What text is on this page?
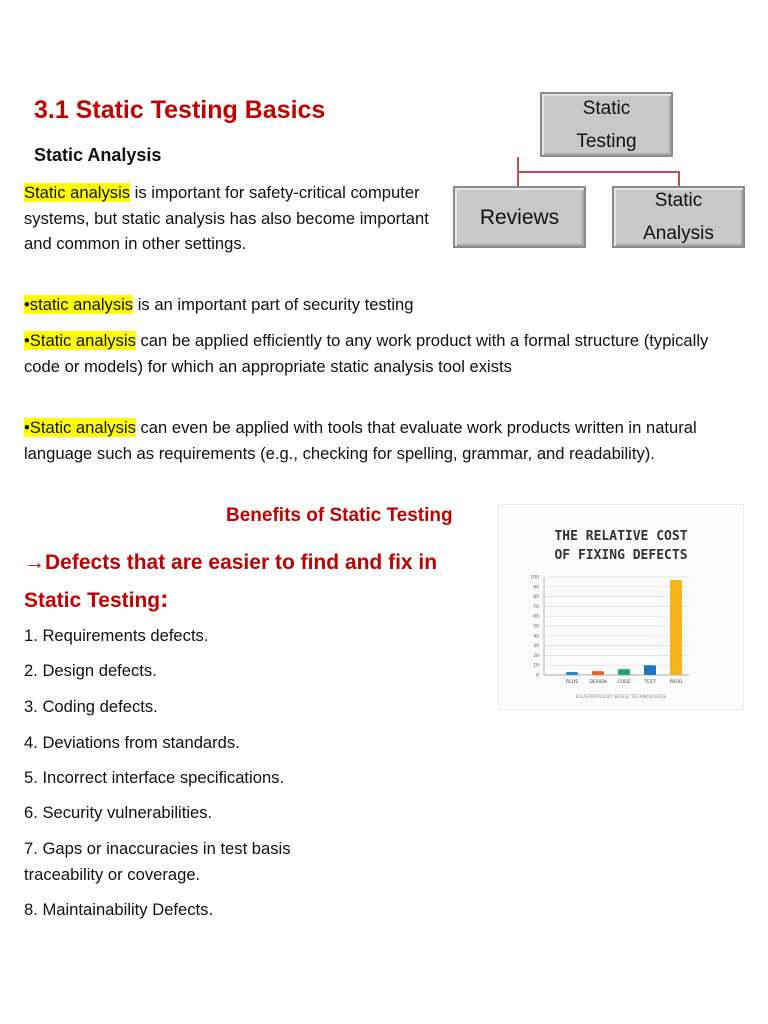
3.1 Static Testing Basics
Static Analysis
Static analysis is important for safety-critical computer systems, but static analysis has also become important and common in other settings.
•static analysis is an important part of security testing
•Static analysis can be applied efficiently to any work product with a formal structure (typically code or models) for which an appropriate static analysis tool exists
•Static analysis can even be applied with tools that evaluate work products written in natural language such as requirements (e.g., checking for spelling, grammar, and readability).
Static
Testing
Reviews
Static
Analysis
Benefits of Static Testing
→Defects that are easier to find and fix in Static Testing:
1. Requirements defects.
2. Design defects.
3. Coding defects.
4. Deviations from standards.
5. Incorrect interface specifications.
6. Security vulnerabilities.
7. Gaps or inaccuracies in test basis traceability or coverage.
8. Maintainability Defects.
THE RELATIVE COST
OF FIXING DEFECTS
0
10
20
30
40
50
60
70
80
90
100
REQS DESIGN CODE	TEST	PROD
ILLUSTRATED BY SEGUE TECHNOLOGIES
